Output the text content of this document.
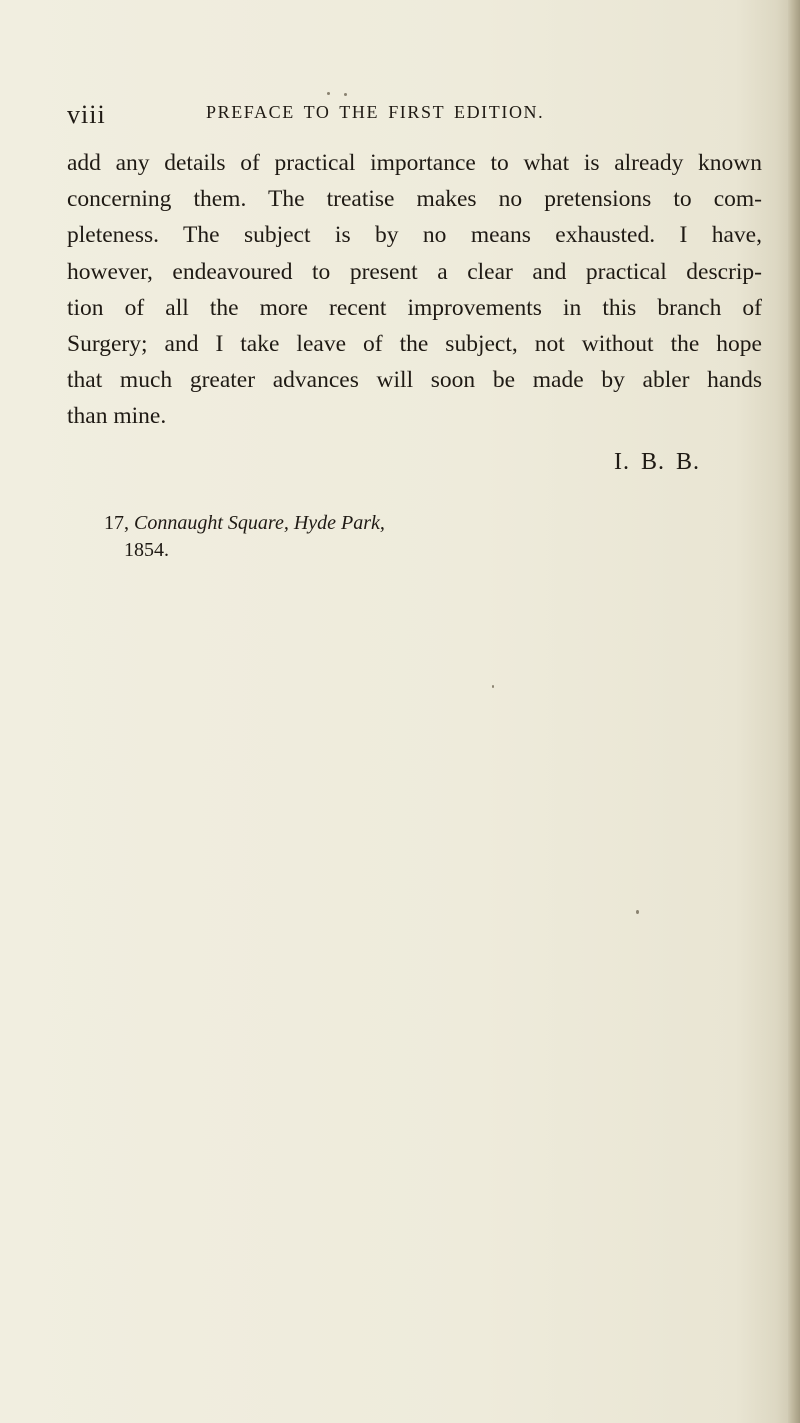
viii	PREFACE TO THE FIRST EDITION.

add any details of practical importance to what is already known
concerning them. The treatise makes no pretensions to com-
pleteness. The subject is by no means exhausted. I have,
however, endeavoured to present a clear and practical descrip-
tion of all the more recent improvements in this branch of
Surgery; and I take leave of the subject, not without the hope
that much greater advances will soon be made by abler hands
than mine.

I. B. B.
17, Connaught Square, Hyde Park,
1854.
